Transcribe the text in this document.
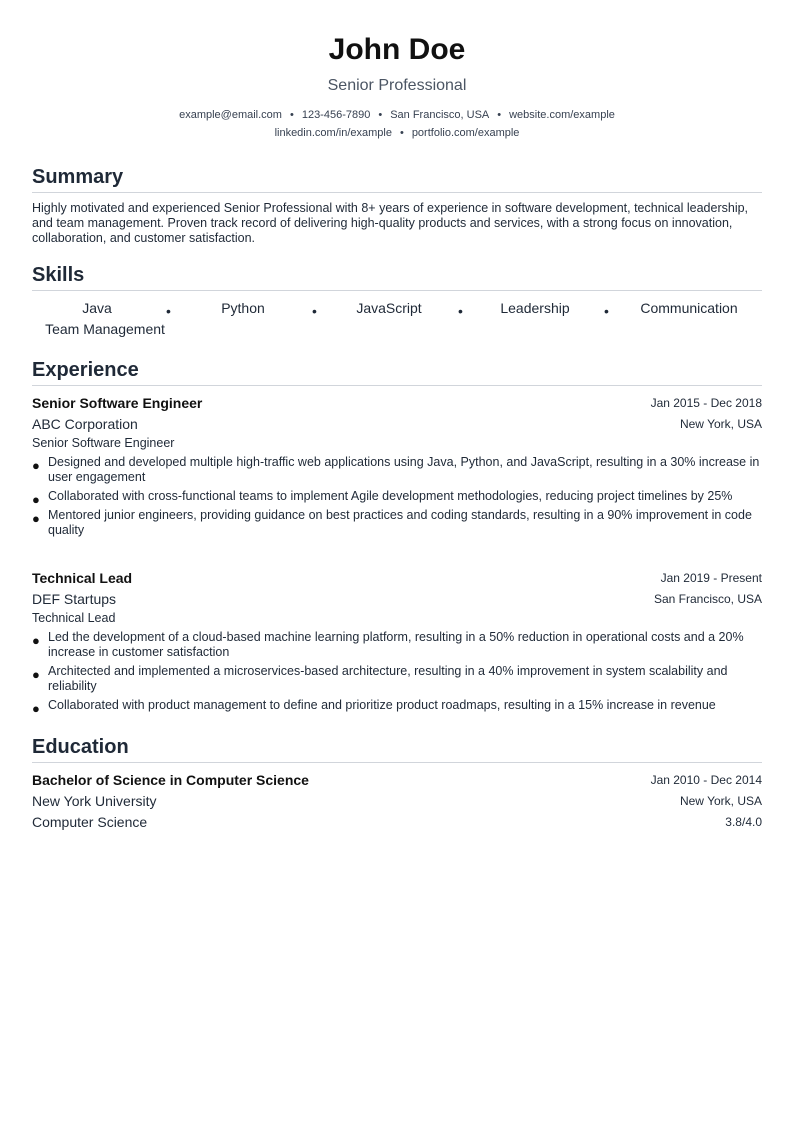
John Doe
Senior Professional
example@email.com • 123-456-7890 • San Francisco, USA • website.com/example
linkedin.com/in/example • portfolio.com/example
Summary
Highly motivated and experienced Senior Professional with 8+ years of experience in software development, technical leadership, and team management. Proven track record of delivering high-quality products and services, with a strong focus on innovation, collaboration, and customer satisfaction.
Skills
Java	•	Python	•	JavaScript	•	Leadership	•	Communication
Team Management
Experience
Senior Software Engineer	Jan 2015 - Dec 2018
ABC Corporation	New York, USA
Senior Software Engineer
● Designed and developed multiple high-traffic web applications using Java, Python, and JavaScript, resulting in a 30% increase in user engagement
● Collaborated with cross-functional teams to implement Agile development methodologies, reducing project timelines by 25%
● Mentored junior engineers, providing guidance on best practices and coding standards, resulting in a 90% improvement in code quality
Technical Lead	Jan 2019 - Present
DEF Startups	San Francisco, USA
Technical Lead
● Led the development of a cloud-based machine learning platform, resulting in a 50% reduction in operational costs and a 20% increase in customer satisfaction
● Architected and implemented a microservices-based architecture, resulting in a 40% improvement in system scalability and reliability
● Collaborated with product management to define and prioritize product roadmaps, resulting in a 15% increase in revenue
Education
Bachelor of Science in Computer Science	Jan 2010 - Dec 2014
New York University	New York, USA
Computer Science	3.8/4.0
